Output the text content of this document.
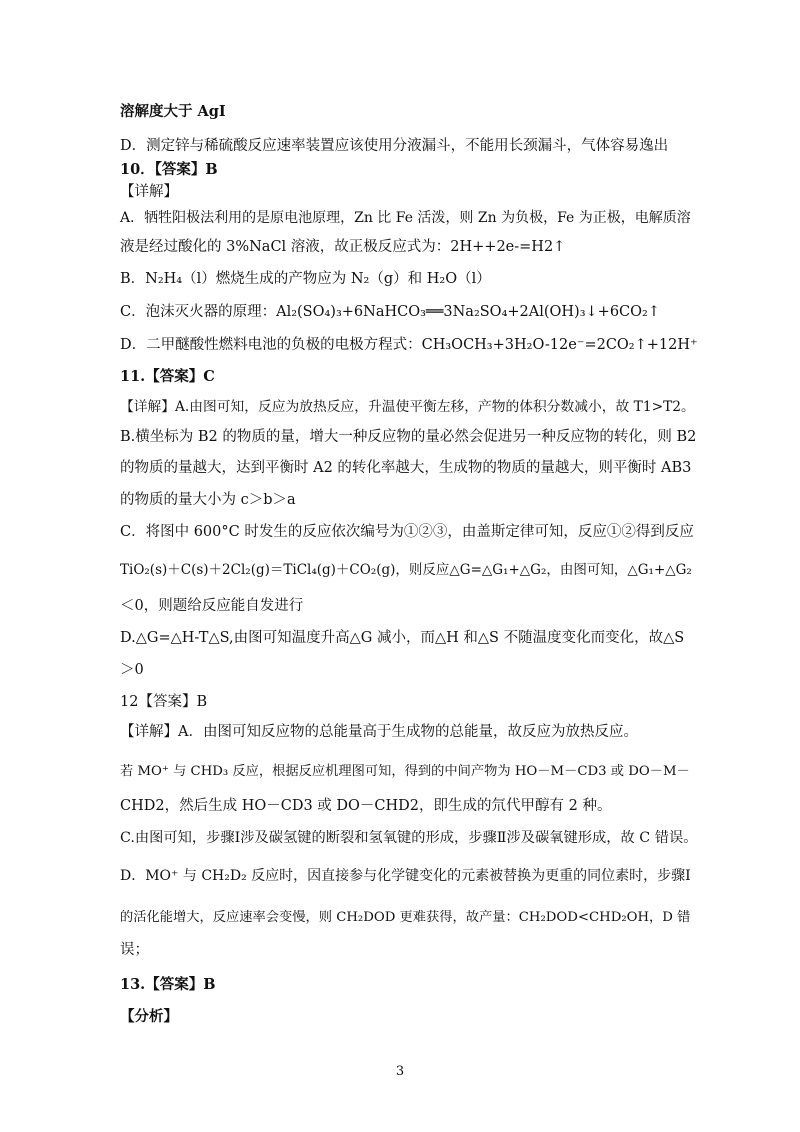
溶解度大于 AgI
D．测定锌与稀硫酸反应速率装置应该使用分液漏斗，不能用长颈漏斗，气体容易逸出
10．【答案】B
【详解】
A．牺牲阳极法利用的是原电池原理，Zn 比 Fe 活泼，则 Zn 为负极，Fe 为正极，电解质溶
液是经过酸化的 3%NaCl 溶液，故正极反应式为：2H++2e-=H2↑
B．N₂H₄（l）燃烧生成的产物应为 N₂（g）和 H₂O（l）
C．泡沫灭火器的原理：Al₂(SO₄)₃+6NaHCO₃══3Na₂SO₄+2Al(OH)₃↓+6CO₂↑
D．二甲醚酸性燃料电池的负极的电极方程式：CH₃OCH₃+3H₂O-12e⁻=2CO₂↑+12H⁺
11.【答案】C
【详解】A.由图可知，反应为放热反应，升温使平衡左移，产物的体积分数减小，故 T1>T2。
B.横坐标为 B2 的物质的量，增大一种反应物的量必然会促进另一种反应物的转化，则 B2
的物质的量越大，达到平衡时 A2 的转化率越大，生成物的物质的量越大，则平衡时 AB3
的物质的量大小为 c＞b＞a
C．将图中 600°C 时发生的反应依次编号为①②③，由盖斯定律可知，反应①②得到反应
TiO₂(s)＋C(s)＋2Cl₂(g)＝TiCl₄(g)＋CO₂(g)，则反应△G=△G₁+△G₂，由图可知，△G₁+△G₂
＜0，则题给反应能自发进行
D.△G=△H-T△S,由图可知温度升高△G 减小，而△H 和△S 不随温度变化而变化，故△S
＞0
12【答案】B
【详解】A．由图可知反应物的总能量高于生成物的总能量，故反应为放热反应。
若 MO⁺ 与 CHD₃ 反应，根据反应机理图可知，得到的中间产物为 HO－M－CD3 或 DO－M－
CHD2，然后生成 HO－CD3 或 DO－CHD2，即生成的氘代甲醇有 2 种。
C.由图可知，步骤Ⅰ涉及碳氢键的断裂和氢氧键的形成，步骤Ⅱ涉及碳氧键形成，故 C 错误。
D．MO⁺ 与 CH₂D₂ 反应时，因直接参与化学键变化的元素被替换为更重的同位素时，步骤Ⅰ
的活化能增大，反应速率会变慢，则 CH₂DOD 更难获得，故产量：CH₂DOD<CHD₂OH，D 错
误；
13.【答案】B
【分析】
3
